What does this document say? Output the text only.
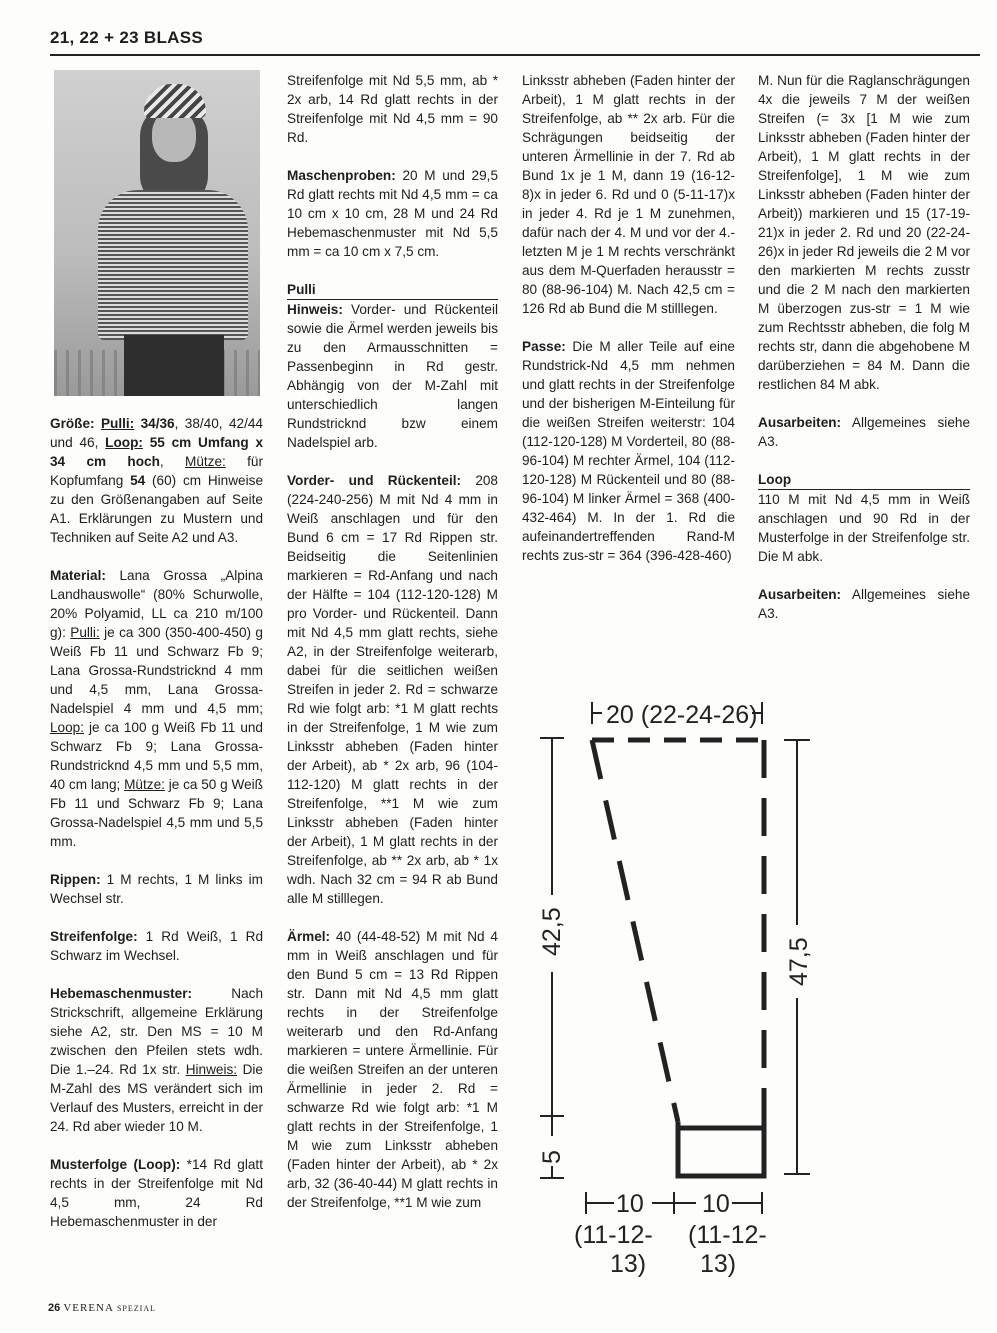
21, 22 + 23 BLASS

Größe: Pulli: 34/36, 38/40, 42/44 und 46, Loop: 55 cm Umfang x 34 cm hoch, Mütze: für Kopfumfang 54 (60) cm Hinweise zu den Größenangaben auf Seite A1. Erklärungen zu Mustern und Techniken auf Seite A2 und A3.

Material: Lana Grossa „Alpina Landhauswolle“ (80% Schurwolle, 20% Polyamid, LL ca 210 m/100 g): Pulli: je ca 300 (350-400-450) g Weiß Fb 11 und Schwarz Fb 9; Lana Grossa-Rundstricknd 4 mm und 4,5 mm, Lana Grossa-Nadelspiel 4 mm und 4,5 mm; Loop: je ca 100 g Weiß Fb 11 und Schwarz Fb 9; Lana Grossa-Rundstricknd 4,5 mm und 5,5 mm, 40 cm lang; Mütze: je ca 50 g Weiß Fb 11 und Schwarz Fb 9; Lana Grossa-Nadelspiel 4,5 mm und 5,5 mm.

Rippen: 1 M rechts, 1 M links im Wechsel str.

Streifenfolge: 1 Rd Weiß, 1 Rd Schwarz im Wechsel.

Hebemaschenmuster:	Nach Strickschrift, allgemeine Erklärung siehe A2, str. Den MS = 10 M zwischen den Pfeilen stets wdh. Die 1.–24. Rd 1x str. Hinweis: Die M-Zahl des MS verändert sich im Verlauf des Musters, erreicht in der 24. Rd aber wieder 10 M.

Musterfolge (Loop): *14 Rd glatt rechts in der Streifenfolge mit Nd 4,5 mm, 24 Rd Hebemaschenmuster in der

Streifenfolge mit Nd 5,5 mm, ab * 2x arb, 14 Rd glatt rechts in der Streifenfolge mit Nd 4,5 mm = 90 Rd.

Maschenproben: 20 M und 29,5 Rd glatt rechts mit Nd 4,5 mm = ca 10 cm x 10 cm, 28 M und 24 Rd Hebemaschenmuster mit Nd 5,5 mm = ca 10 cm x 7,5 cm.

Pulli
Hinweis: Vorder- und Rückenteil sowie die Ärmel werden jeweils bis zu den Armausschnitten = Passenbeginn in Rd gestr. Abhängig von der M-Zahl mit unterschiedlich langen Rundstricknd bzw einem Nadelspiel arb.

Vorder- und Rückenteil: 208 (224-240-256) M mit Nd 4 mm in Weiß anschlagen und für den Bund 6 cm = 17 Rd Rippen str. Beidseitig die Seitenlinien markieren = Rd-Anfang und nach der Hälfte = 104 (112-120-128) M pro Vorder- und Rückenteil. Dann mit Nd 4,5 mm glatt rechts, siehe A2, in der Streifenfolge weiterarb, dabei für die seitlichen weißen Streifen in jeder 2. Rd = schwarze Rd wie folgt arb: *1 M glatt rechts in der Streifenfolge, 1 M wie zum Linksstr abheben (Faden hinter der Arbeit), ab * 2x arb, 96 (104-112-120) M glatt rechts in der Streifenfolge, **1 M wie zum Linksstr abheben (Faden hinter der Arbeit), 1 M glatt rechts in der Streifenfolge, ab ** 2x arb, ab * 1x wdh. Nach 32 cm = 94 R ab Bund alle M stilllegen.

Ärmel: 40 (44-48-52) M mit Nd 4 mm in Weiß anschlagen und für den Bund 5 cm = 13 Rd Rippen str. Dann mit Nd 4,5 mm glatt rechts in der Streifenfolge weiterarb und den Rd-Anfang markieren = untere Ärmellinie. Für die weißen Streifen an der unteren Ärmellinie in jeder 2. Rd = schwarze Rd wie folgt arb: *1 M glatt rechts in der Streifenfolge, 1 M wie zum Linksstr abheben (Faden hinter der Arbeit), ab * 2x arb, 32 (36-40-44) M glatt rechts in der Streifenfolge, **1 M wie zum

Linksstr abheben (Faden hinter der Arbeit), 1 M glatt rechts in der Streifenfolge, ab ** 2x arb. Für die Schrägungen beidseitig der unteren Ärmellinie in der 7. Rd ab Bund 1x je 1 M, dann 19 (16-12-8)x in jeder 6. Rd und 0 (5-11-17)x in jeder 4. Rd je 1 M zunehmen, dafür nach der 4. M und vor der 4.-letzten M je 1 M rechts verschränkt aus dem M-Querfaden herausstr = 80 (88-96-104) M. Nach 42,5 cm = 126 Rd ab Bund die M stilllegen.

Passe: Die M aller Teile auf eine Rundstrick-Nd 4,5 mm nehmen und glatt rechts in der Streifenfolge und der bisherigen M-Einteilung für die weißen Streifen weiterstr: 104 (112-120-128) M Vorderteil, 80 (88-96-104) M rechter Ärmel, 104 (112-120-128) M Rückenteil und 80 (88-96-104) M linker Ärmel = 368 (400-432-464) M. In der 1. Rd die aufeinandertreffenden Rand-M rechts zus-str = 364 (396-428-460)

M. Nun für die Raglanschrägungen 4x die jeweils 7 M der weißen Streifen (= 3x [1 M wie zum Linksstr abheben (Faden hinter der Arbeit), 1 M glatt rechts in der Streifenfolge], 1 M wie zum Linksstr abheben (Faden hinter der Arbeit)) markieren und 15 (17-19-21)x in jeder 2. Rd und 20 (22-24-26)x in jeder Rd jeweils die 2 M vor den markierten M rechts zusstr und die 2 M nach den markierten M überzogen zus-str = 1 M wie zum Rechtsstr abheben, die folg M rechts str, dann die abgehobene M darüberziehen = 84 M. Dann die restlichen 84 M abk.

Ausarbeiten: Allgemeines siehe A3.

Loop
110 M mit Nd 4,5 mm in Weiß anschlagen und 90 Rd in der Musterfolge in der Streifenfolge str. Die M abk.

Ausarbeiten: Allgemeines siehe A3.

20 (22-24-26)
42,5
5
47,5
10 10
(11-12-
13)
(11-12-
13)
26 VERENA SPEZIAL
